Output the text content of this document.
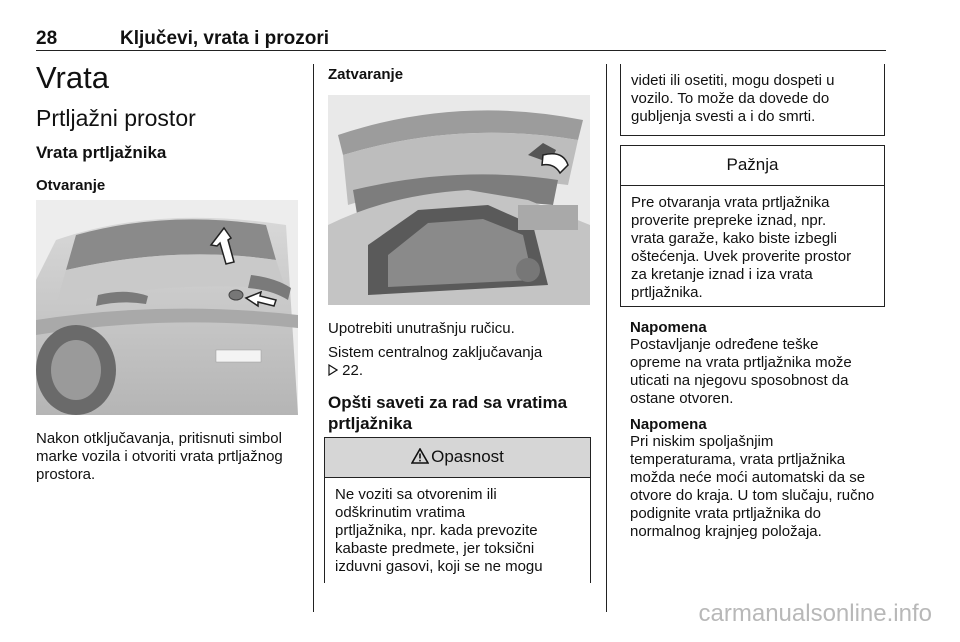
28	Ključevi, vrata i prozori
Vrata
Prtljažni prostor
Vrata prtljažnika
Otvaranje
Nakon otključavanja, pritisnuti simbol
marke vozila i otvoriti vrata prtljažnog
prostora.
Zatvaranje
Upotrebiti unutrašnju ručicu.
Sistem centralnog zaključavanja
22.
Opšti saveti za rad sa vratima
prtljažnika
Opasnost
Ne voziti sa otvorenim ili
odškrinutim vratima
prtljažnika, npr. kada prevozite
kabaste predmete, jer toksični
izduvni gasovi, koji se ne mogu
videti ili osetiti, mogu dospeti u
vozilo. To može da dovede do
gubljenja svesti a i do smrti.
Pažnja
Pre otvaranja vrata prtljažnika
proverite prepreke iznad, npr.
vrata garaže, kako biste izbegli
oštećenja. Uvek proverite prostor
za kretanje iznad i iza vrata
prtljažnika.
Napomena
Postavljanje određene teške
opreme na vrata prtljažnika može
uticati na njegovu sposobnost da
ostane otvoren.
Napomena
Pri niskim spoljašnjim
temperaturama, vrata prtljažnika
možda neće moći automatski da se
otvore do kraja. U tom slučaju, ručno
podignite vrata prtljažnika do
normalnog krajnjeg položaja.
carmanualsonline.info
